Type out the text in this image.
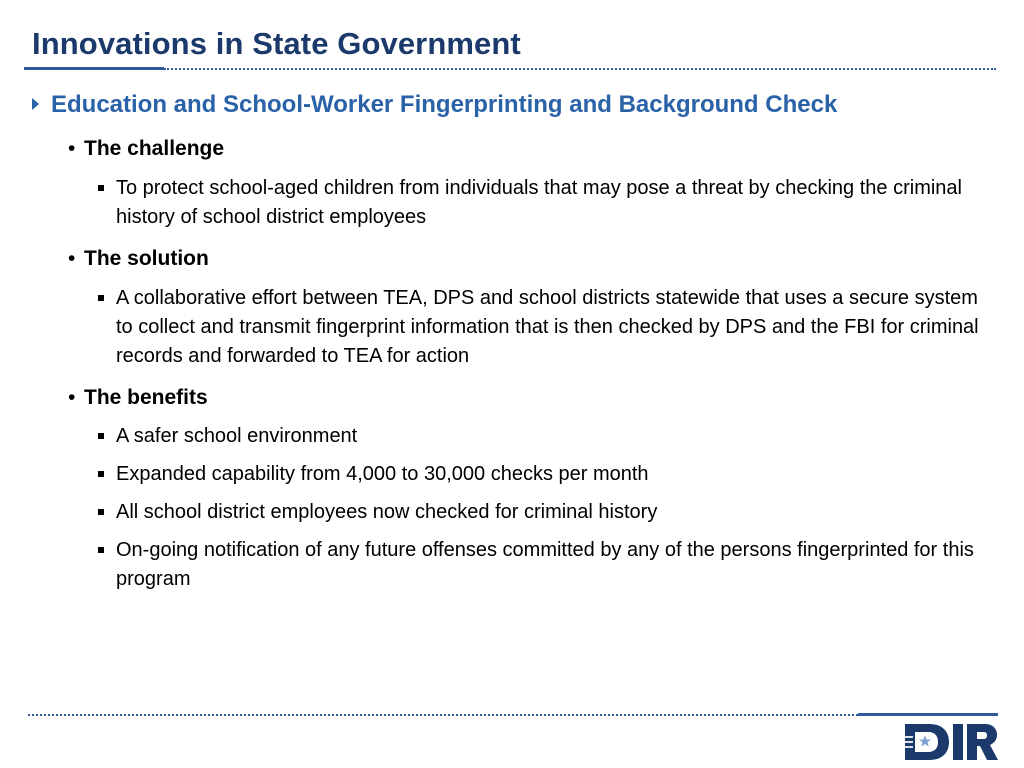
Innovations in State Government
Education and School-Worker Fingerprinting and Background Check
• The challenge
To protect school-aged children from individuals that may pose a threat by checking the criminal history of school district employees
• The solution
A collaborative effort between TEA, DPS and school districts statewide that uses a secure system to collect and transmit fingerprint information that is then checked by DPS and the FBI for criminal records and forwarded to TEA for action
• The benefits
A safer school environment
Expanded capability from 4,000 to 30,000 checks per month
All school district employees now checked for criminal history
On-going notification of any future offenses committed by any of the persons fingerprinted for this program
